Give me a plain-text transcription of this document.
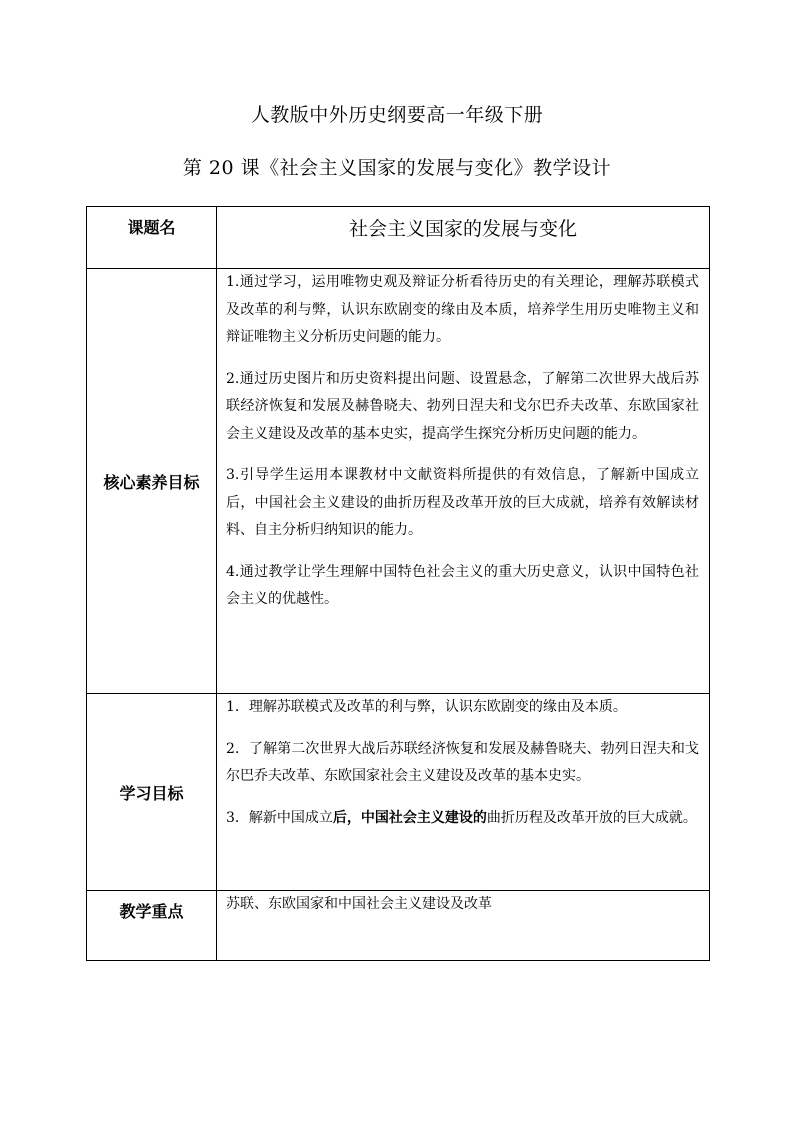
人教版中外历史纲要高一年级下册
第 20 课《社会主义国家的发展与变化》教学设计
课题名	社会主义国家的发展与变化
核心素养目标	1.通过学习，运用唯物史观及辩证分析看待历史的有关理论，理解苏联模式及改革的利与弊，认识东欧剧变的缘由及本质，培养学生用历史唯物主义和辩证唯物主义分析历史问题的能力。

2.通过历史图片和历史资料提出问题、设置悬念，了解第二次世界大战后苏联经济恢复和发展及赫鲁晓夫、勃列日涅夫和戈尔巴乔夫改革、东欧国家社会主义建设及改革的基本史实，提高学生探究分析历史问题的能力。

3.引导学生运用本课教材中文献资料所提供的有效信息，了解新中国成立后，中国社会主义建设的曲折历程及改革开放的巨大成就，培养有效解读材料、自主分析归纳知识的能力。

4.通过教学让学生理解中国特色社会主义的重大历史意义，认识中国特色社会主义的优越性。

学习目标	1．理解苏联模式及改革的利与弊，认识东欧剧变的缘由及本质。

2．了解第二次世界大战后苏联经济恢复和发展及赫鲁晓夫、勃列日涅夫和戈尔巴乔夫改革、东欧国家社会主义建设及改革的基本史实。

3．解新中国成立后，中国社会主义建设的曲折历程及改革开放的巨大成就。

教学重点	苏联、东欧国家和中国社会主义建设及改革
